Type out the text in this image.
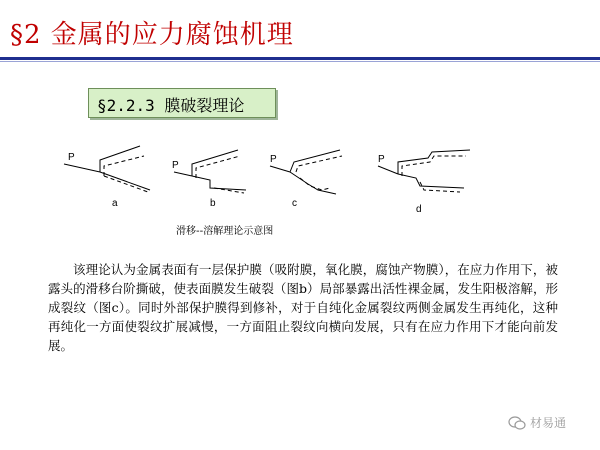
§2 金属的应力腐蚀机理
§2.2.3 膜破裂理论
P
a
P
b
P
c
P
d
滑移--溶解理论示意图

该理论认为金属表面有一层保护膜（吸附膜，氧化膜，腐蚀产物膜），在应力作用下，被露头的滑移台阶撕破，使表面膜发生破裂（图b）局部暴露出活性裸金属，发生阳极溶解，形成裂纹（图c）。同时外部保护膜得到修补，对于自纯化金属裂纹两侧金属发生再纯化，这种再纯化一方面使裂纹扩展减慢，一方面阻止裂纹向横向发展，只有在应力作用下才能向前发展。

材易通
